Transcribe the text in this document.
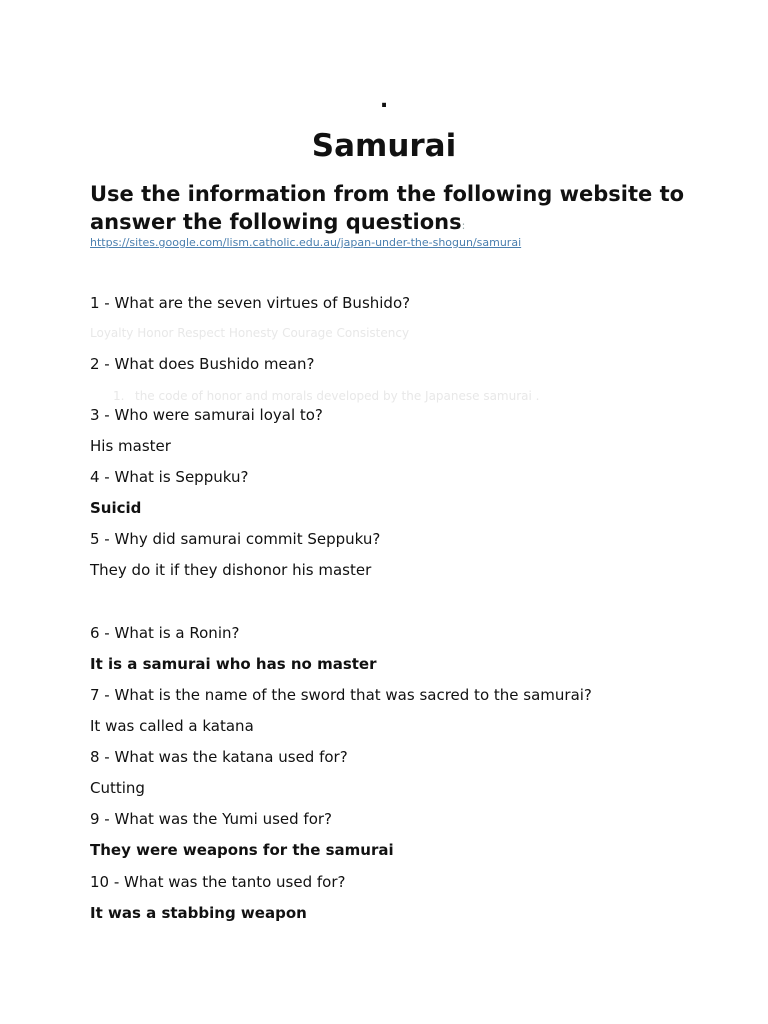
.
Samurai
Use the information from the following website to answer the following questions:
https://sites.google.com/lism.catholic.edu.au/japan-under-the-shogun/samurai
1 - What are the seven virtues of Bushido?
Loyalty Honor Respect Honesty Courage Consistency
2 - What does Bushido mean?
1. the code of honor and morals developed by the Japanese samurai .
3 - Who were samurai loyal to?
His master
4 - What is Seppuku?
Suicid
5 - Why did samurai commit Seppuku?
They do it if they dishonor his master
6 - What is a Ronin?
It is a samurai who has no master
7 - What is the name of the sword that was sacred to the samurai?
It was called a katana
8 - What was the katana used for?
Cutting
9 - What was the Yumi used for?
They were weapons for the samurai
10 - What was the tanto used for?
It was a stabbing weapon
